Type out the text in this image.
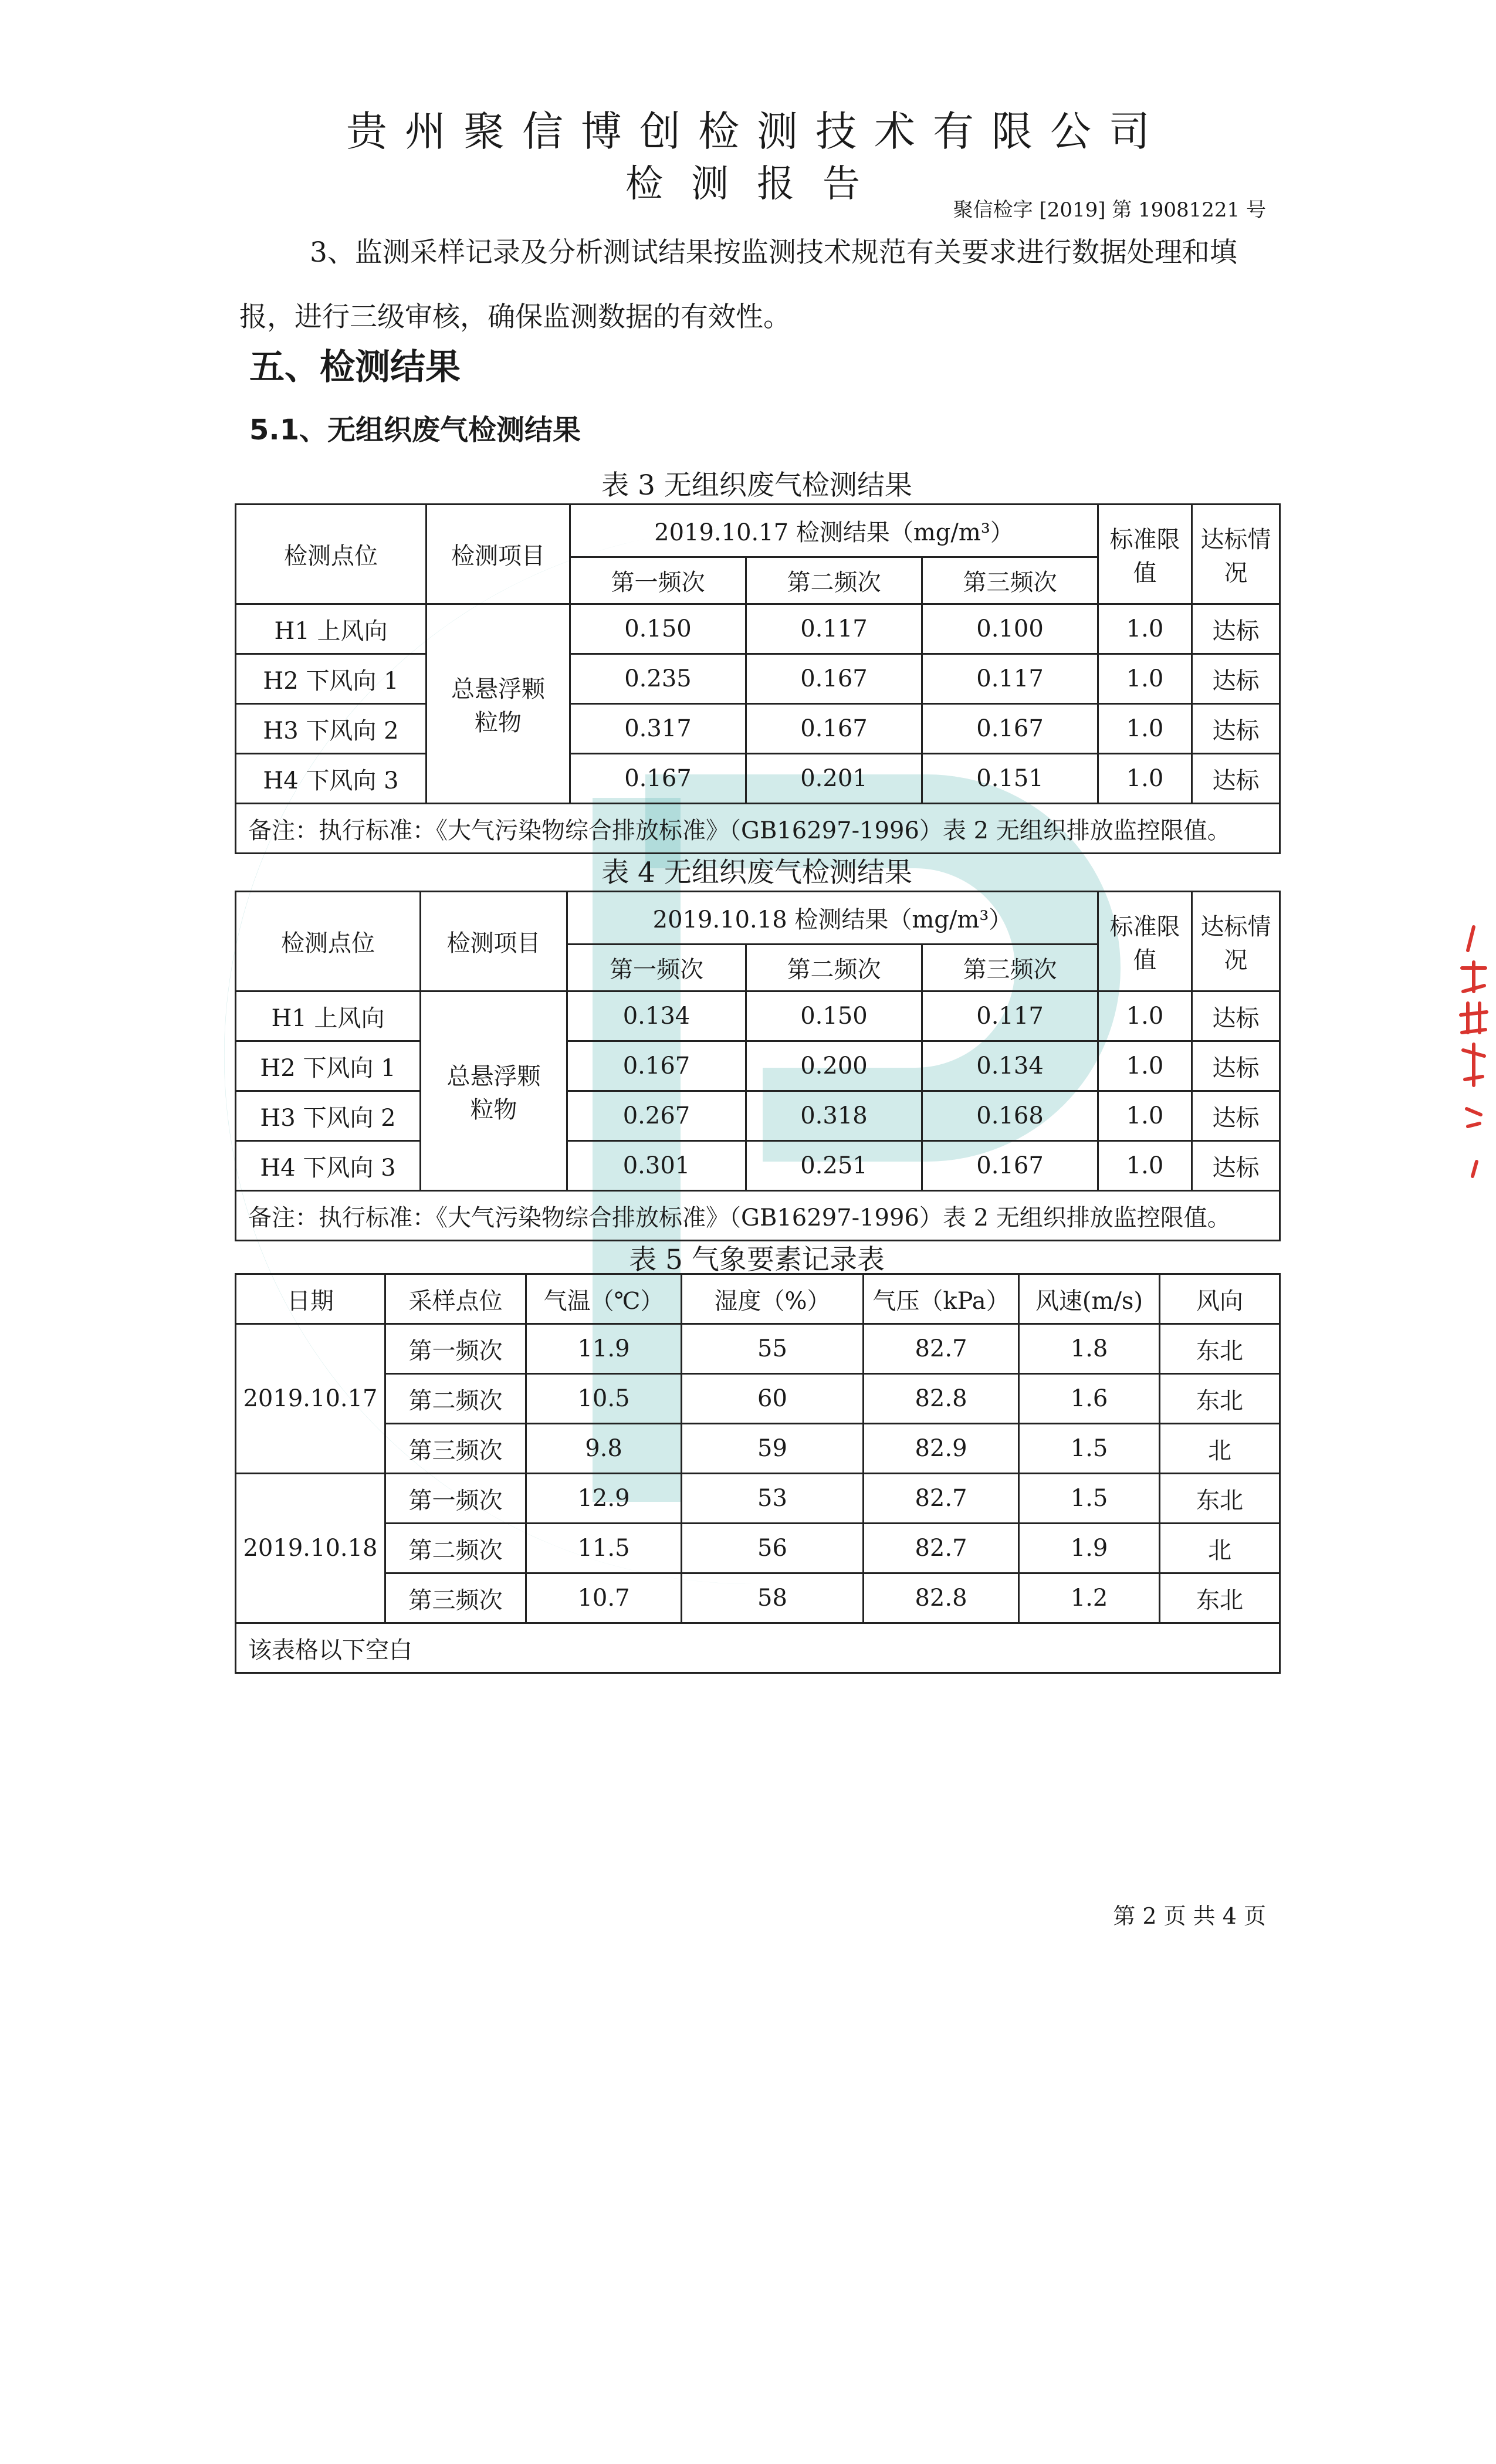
贵州聚信博创检测技术有限公司
检测报告
聚信检字 [2019] 第 19081221 号
3、监测采样记录及分析测试结果按监测技术规范有关要求进行数据处理和填报，进行三级审核，确保监测数据的有效性。
五、检测结果
5.1、无组织废气检测结果
表 3 无组织废气检测结果
检测点位	检测项目	2019.10.17 检测结果（mg/m³）			标准限值	达标情况
		第一频次	第二频次	第三频次		
H1 上风向	总悬浮颗粒物	0.150	0.117	0.100	1.0	达标
H2 下风向 1		0.235	0.167	0.117	1.0	达标
H3 下风向 2		0.317	0.167	0.167	1.0	达标
H4 下风向 3		0.167	0.201	0.151	1.0	达标
备注：执行标准：《大气污染物综合排放标准》（GB16297-1996）表 2 无组织排放监控限值。						
表 4 无组织废气检测结果
检测点位	检测项目	2019.10.18 检测结果（mg/m³）			标准限值	达标情况
		第一频次	第二频次	第三频次		
H1 上风向	总悬浮颗粒物	0.134	0.150	0.117	1.0	达标
H2 下风向 1		0.167	0.200	0.134	1.0	达标
H3 下风向 2		0.267	0.318	0.168	1.0	达标
H4 下风向 3		0.301	0.251	0.167	1.0	达标
备注：执行标准：《大气污染物综合排放标准》（GB16297-1996）表 2 无组织排放监控限值。						
表 5 气象要素记录表
日期	采样点位	气温（℃）	湿度（%）	气压（kPa）	风速(m/s)	风向
2019.10.17	第一频次	11.9	55	82.7	1.8	东北
	第二频次	10.5	60	82.8	1.6	东北
	第三频次	9.8	59	82.9	1.5	北
2019.10.18	第一频次	12.9	53	82.7	1.5	东北
	第二频次	11.5	56	82.7	1.9	北
	第三频次	10.7	58	82.8	1.2	东北
该表格以下空白						
第 2 页 共 4 页
